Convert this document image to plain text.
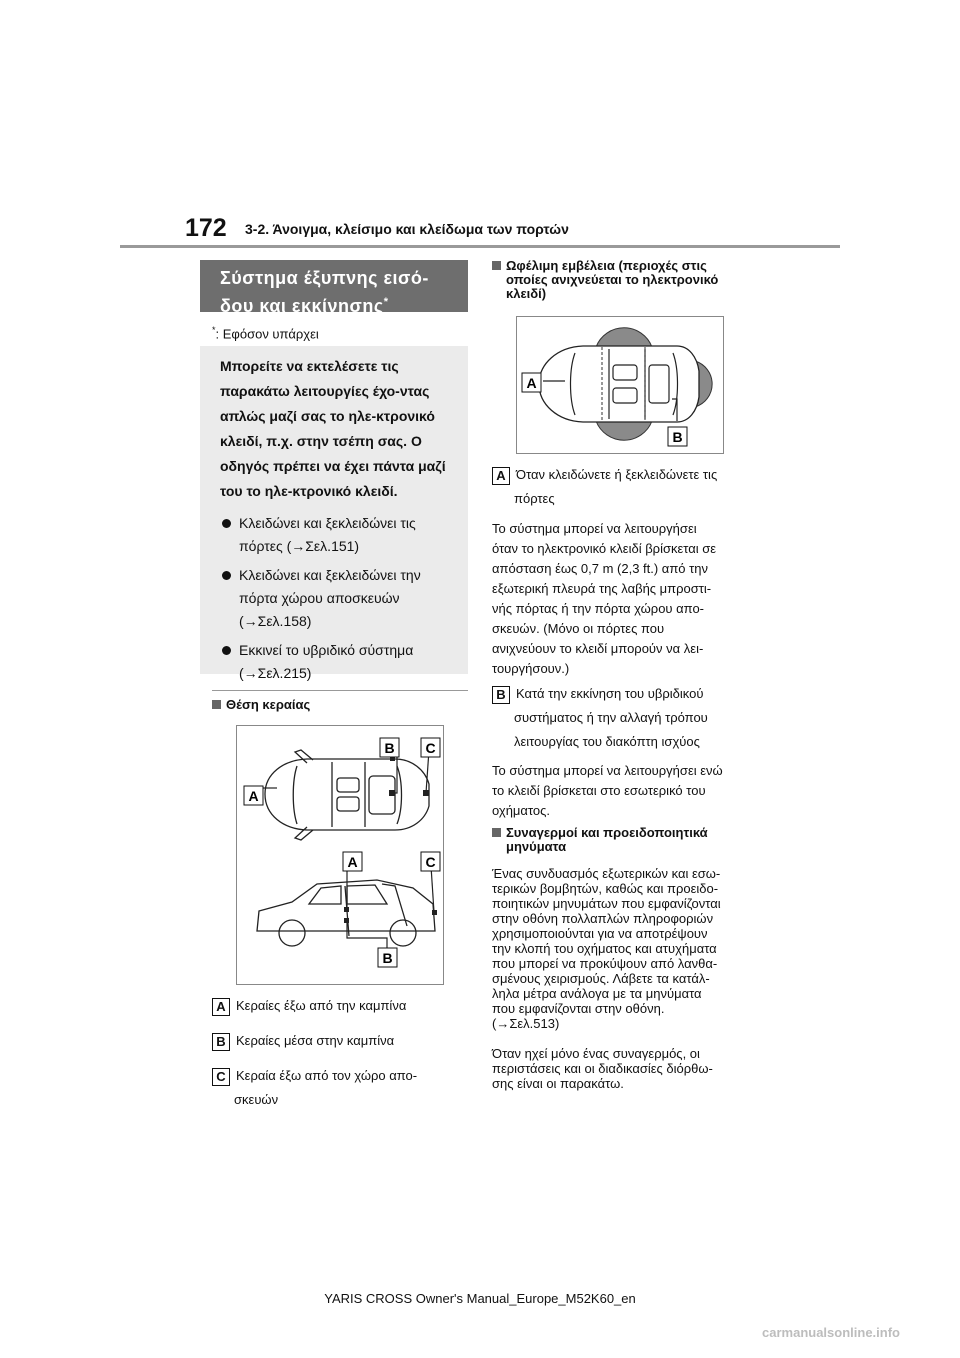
172 3-2. Άνοιγμα, κλείσιμο και κλείδωμα των πορτών
Σύστημα έξυπνης εισό-
δου και εκκίνησης*
*: Εφόσον υπάρχει
Μπορείτε να εκτελέσετε τις παρακάτω λειτουργίες έχο-ντας απλώς μαζί σας το ηλε-κτρονικό κλειδί, π.χ. στην τσέπη σας. Ο οδηγός πρέπει να έχει πάντα μαζί του το ηλε-κτρονικό κλειδί.
Κλειδώνει και ξεκλειδώνει τις πόρτες (→Σελ.151)
Κλειδώνει και ξεκλειδώνει την πόρτα χώρου αποσκευών (→Σελ.158)
Εκκινεί το υβριδικό σύστημα (→Σελ.215)
Θέση κεραίας
B C
A
A	C
B
A Κεραίες έξω από την καμπίνα
B Κεραίες μέσα στην καμπίνα
C Κεραία έξω από τον χώρο απο-
σκευών
Ωφέλιμη εμβέλεια (περιοχές στις
οποίες ανιχνεύεται το ηλεκτρονικό
κλειδί)
A
B
A Όταν κλειδώνετε ή ξεκλειδώνετε τις
πόρτες
Το σύστημα μπορεί να λειτουργήσει
όταν το ηλεκτρονικό κλειδί βρίσκεται σε
απόσταση έως 0,7 m (2,3 ft.) από την
εξωτερική πλευρά της λαβής μπροστι-
νής πόρτας ή την πόρτα χώρου απο-
σκευών. (Μόνο οι πόρτες που
ανιχνεύουν το κλειδί μπορούν να λει-
τουργήσουν.)
B Κατά την εκκίνηση του υβριδικού
συστήματος ή την αλλαγή τρόπου
λειτουργίας του διακόπτη ισχύος
Το σύστημα μπορεί να λειτουργήσει ενώ
το κλειδί βρίσκεται στο εσωτερικό του
οχήματος.
Συναγερμοί και προειδοποιητικά
μηνύματα
Ένας συνδυασμός εξωτερικών και εσω-
τερικών βομβητών, καθώς και προειδο-
ποιητικών μηνυμάτων που εμφανίζονται
στην οθόνη πολλαπλών πληροφοριών
χρησιμοποιούνται για να αποτρέψουν
την κλοπή του οχήματος και ατυχήματα
που μπορεί να προκύψουν από λανθα-
σμένους χειρισμούς. Λάβετε τα κατάλ-
ληλα μέτρα ανάλογα με τα μηνύματα
που εμφανίζονται στην οθόνη.
(→Σελ.513)
Όταν ηχεί μόνο ένας συναγερμός, οι
περιστάσεις και οι διαδικασίες διόρθω-
σης είναι οι παρακάτω.
YARIS CROSS Owner's Manual_Europe_M52K60_en
carmanualsonline.info
